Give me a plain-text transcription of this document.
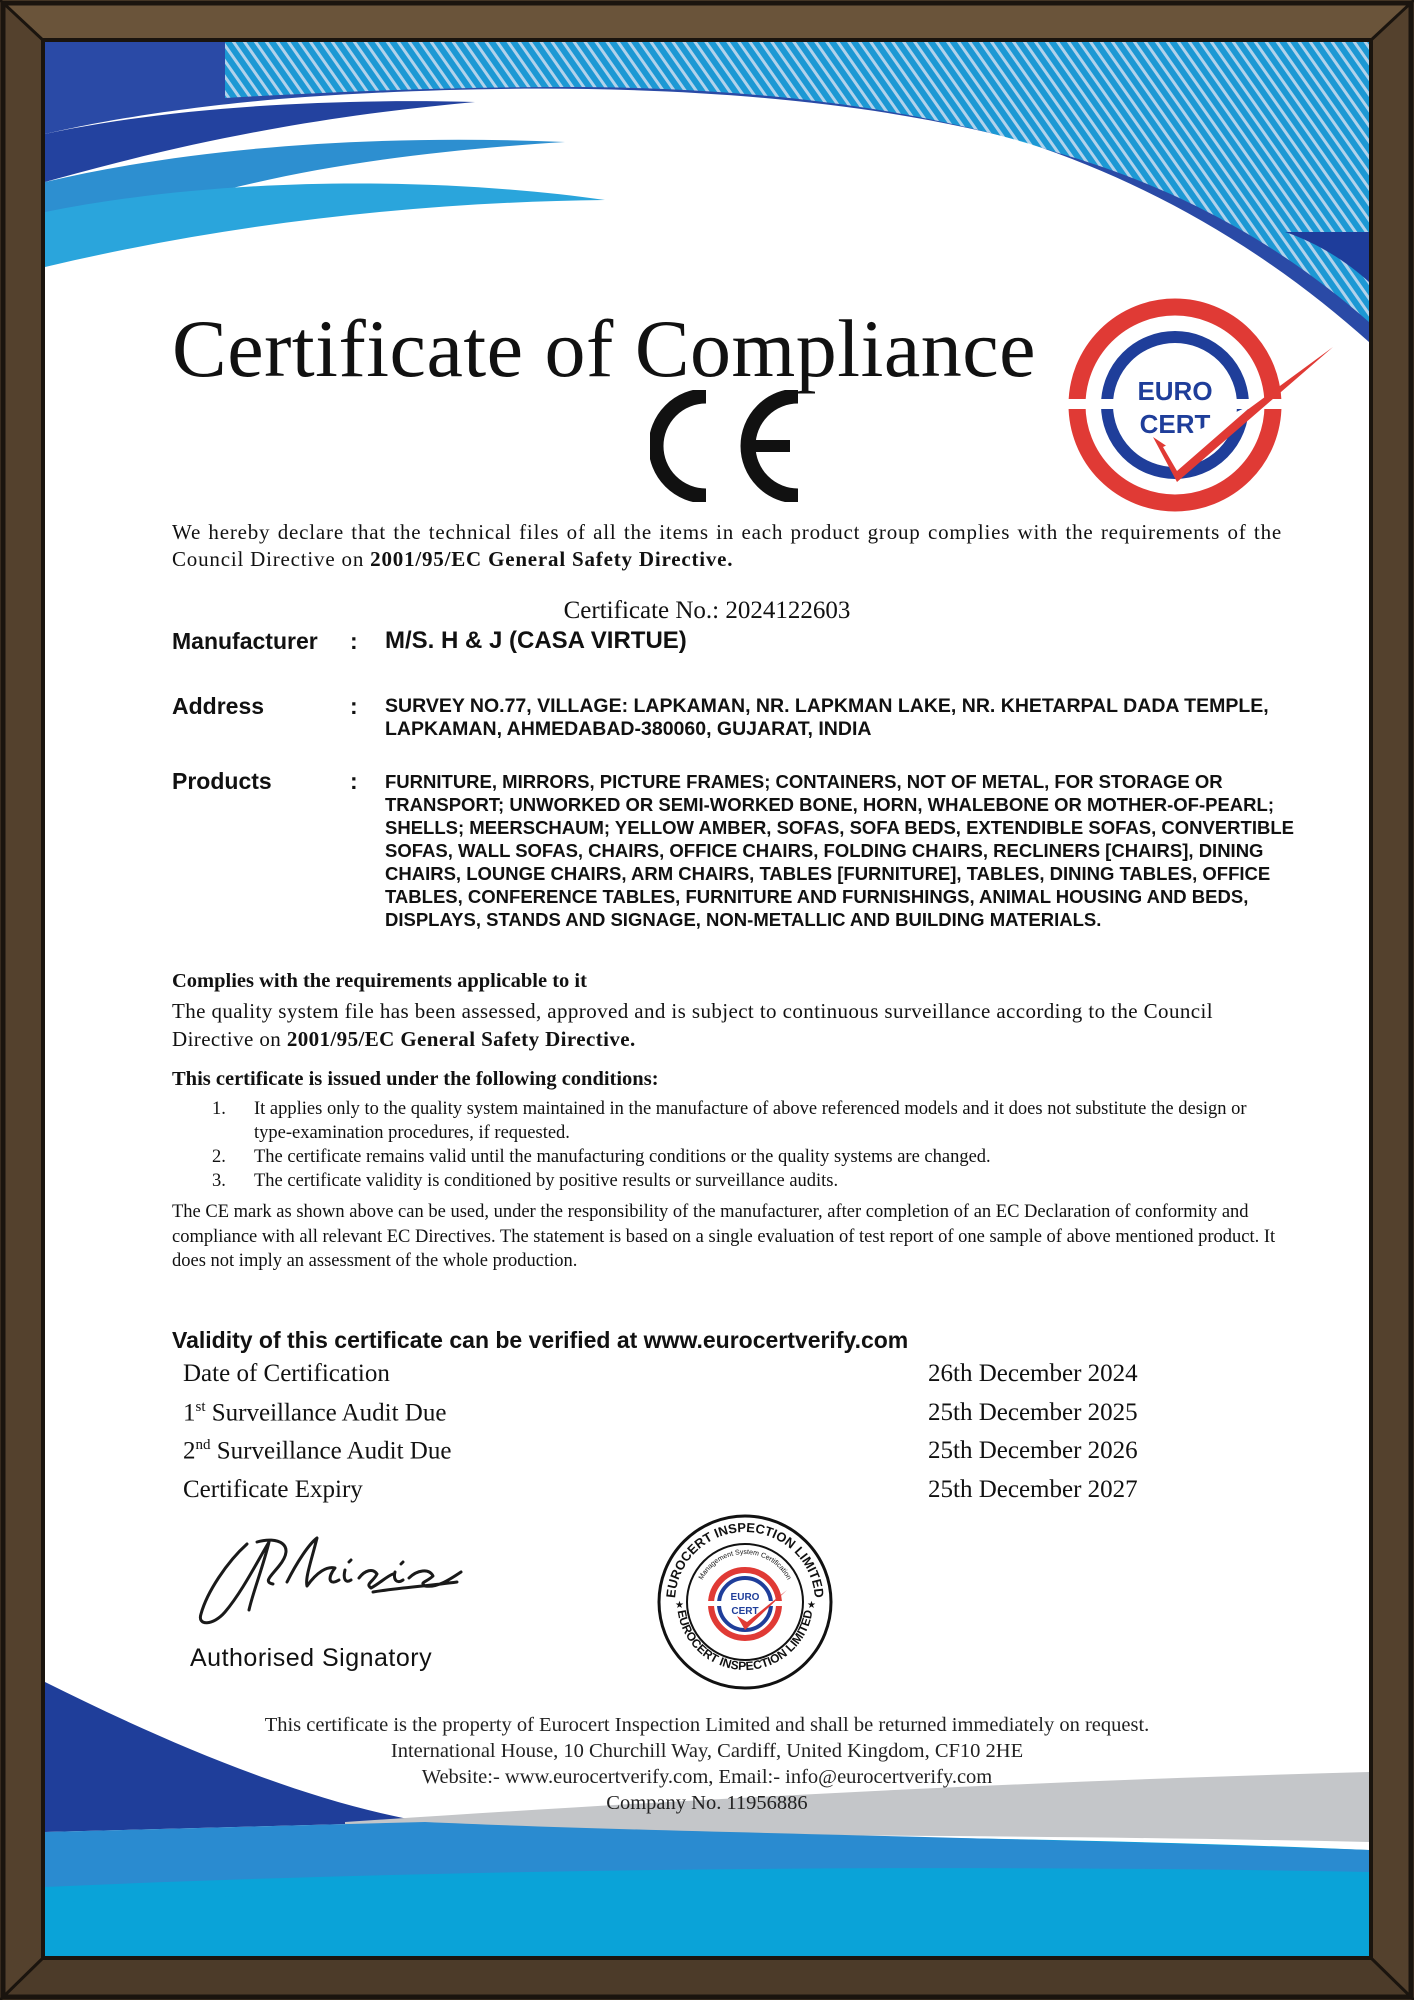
Certificate of Compliance	EURO
CERT
We hereby declare that the technical files of all the items in each product group complies with the requirements of the Council Directive on 2001/95/EC General Safety Directive.
Certificate No.: 2024122603
Manufacturer : M/S. H & J (CASA VIRTUE)
Address	: SURVEY NO.77, VILLAGE: LAPKAMAN, NR. LAPKMAN LAKE, NR. KHETARPAL DADA TEMPLE, LAPKAMAN, AHMEDABAD-380060, GUJARAT, INDIA
Products	: FURNITURE, MIRRORS, PICTURE FRAMES; CONTAINERS, NOT OF METAL, FOR STORAGE OR TRANSPORT; UNWORKED OR SEMI-WORKED BONE, HORN, WHALEBONE OR MOTHER-OF-PEARL; SHELLS; MEERSCHAUM; YELLOW AMBER, SOFAS, SOFA BEDS, EXTENDIBLE SOFAS, CONVERTIBLE SOFAS, WALL SOFAS, CHAIRS, OFFICE CHAIRS, FOLDING CHAIRS, RECLINERS [CHAIRS], DINING CHAIRS, LOUNGE CHAIRS, ARM CHAIRS, TABLES [FURNITURE], TABLES, DINING TABLES, OFFICE TABLES, CONFERENCE TABLES, FURNITURE AND FURNISHINGS, ANIMAL HOUSING AND BEDS, DISPLAYS, STANDS AND SIGNAGE, NON-METALLIC AND BUILDING MATERIALS.
Complies with the requirements applicable to it
The quality system file has been assessed, approved and is subject to continuous surveillance according to the Council Directive on 2001/95/EC General Safety Directive.
This certificate is issued under the following conditions:
1. It applies only to the quality system maintained in the manufacture of above referenced models and it does not substitute the design or type-examination procedures, if requested.
2. The certificate remains valid until the manufacturing conditions or the quality systems are changed.
3. The certificate validity is conditioned by positive results or surveillance audits.
The CE mark as shown above can be used, under the responsibility of the manufacturer, after completion of an EC Declaration of conformity and compliance with all relevant EC Directives. The statement is based on a single evaluation of test report of one sample of above mentioned product. It does not imply an assessment of the whole production.
Validity of this certificate can be verified at www.eurocertverify.com
Date of Certification	26th December 2024
1st Surveillance Audit Due	25th December 2025
2nd Surveillance Audit Due	25th December 2026
Certificate Expiry	25th December 2027
Authorised Signatory
EUROCERT INSPECTION LIMITED
EUROCERT INSPECTION LIMITED
Management System Certification
EURO
CERT
★	★
This certificate is the property of Eurocert Inspection Limited and shall be returned immediately on request.
International House, 10 Churchill Way, Cardiff, United Kingdom, CF10 2HE
Website:- www.eurocertverify.com, Email:- info@eurocertverify.com
Company No. 11956886
